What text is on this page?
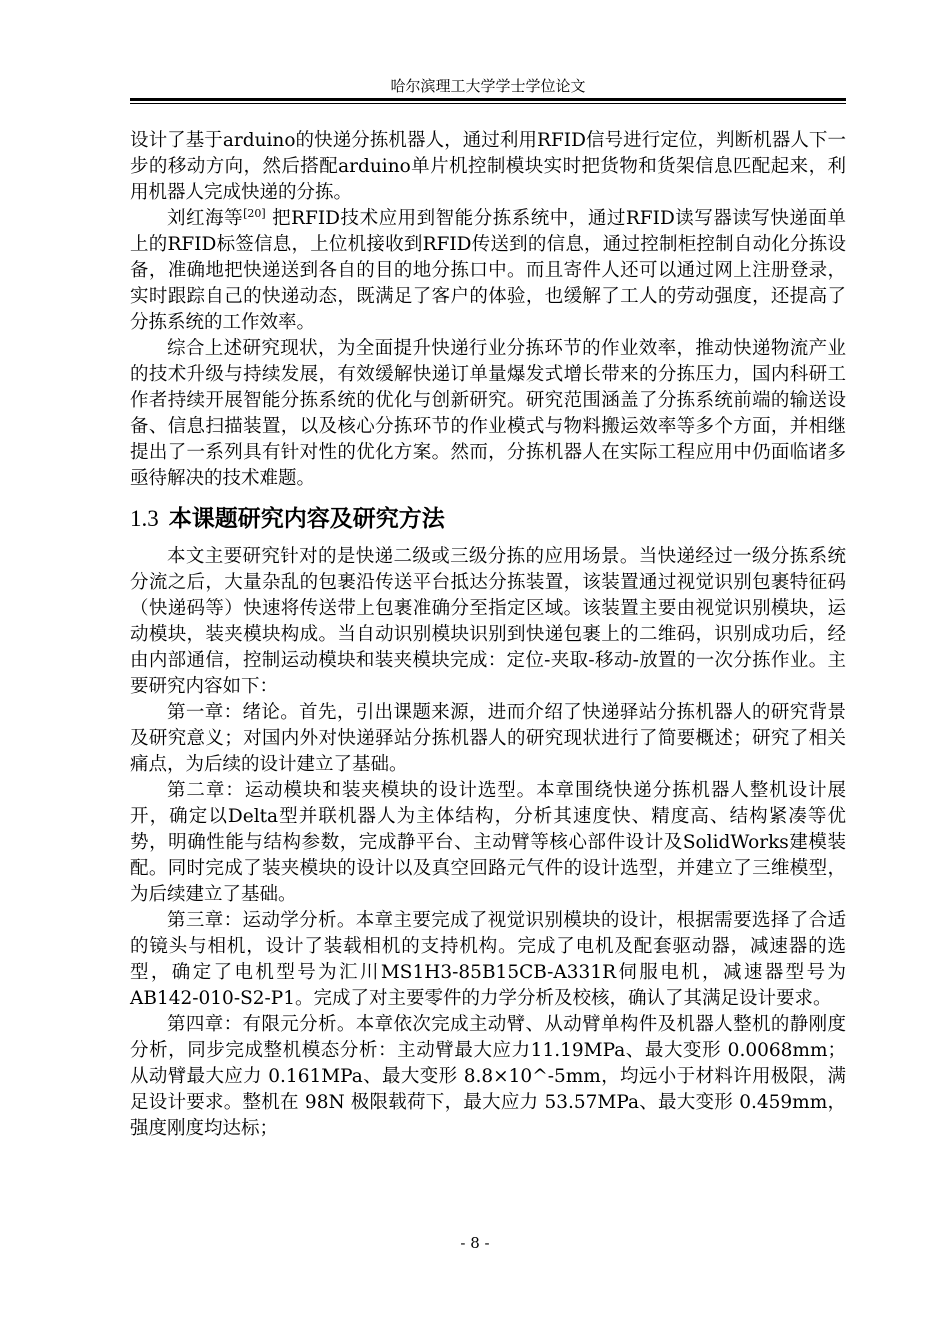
哈尔滨理工大学学士学位论文

设计了基于arduino的快递分拣机器人，通过利用RFID信号进行定位，判断机器人下一步的移动方向，然后搭配arduino单片机控制模块实时把货物和货架信息匹配起来，利用机器人完成快递的分拣。

刘红海等[20] 把RFID技术应用到智能分拣系统中，通过RFID读写器读写快递面单上的RFID标签信息，上位机接收到RFID传送到的信息，通过控制柜控制自动化分拣设备，准确地把快递送到各自的目的地分拣口中。而且寄件人还可以通过网上注册登录，实时跟踪自己的快递动态，既满足了客户的体验，也缓解了工人的劳动强度，还提高了分拣系统的工作效率。

综合上述研究现状，为全面提升快递行业分拣环节的作业效率，推动快递物流产业的技术升级与持续发展，有效缓解快递订单量爆发式增长带来的分拣压力，国内科研工作者持续开展智能分拣系统的优化与创新研究。研究范围涵盖了分拣系统前端的输送设备、信息扫描装置，以及核心分拣环节的作业模式与物料搬运效率等多个方面，并相继提出了一系列具有针对性的优化方案。然而，分拣机器人在实际工程应用中仍面临诸多亟待解决的技术难题。

1.3 本课题研究内容及研究方法

本文主要研究针对的是快递二级或三级分拣的应用场景。当快递经过一级分拣系统分流之后，大量杂乱的包裹沿传送平台抵达分拣装置，该装置通过视觉识别包裹特征码（快递码等）快速将传送带上包裹准确分至指定区域。该装置主要由视觉识别模块，运动模块，装夹模块构成。当自动识别模块识别到快递包裹上的二维码，识别成功后，经由内部通信，控制运动模块和装夹模块完成：定位-夹取-移动-放置的一次分拣作业。主要研究内容如下：

第一章：绪论。首先，引出课题来源，进而介绍了快递驿站分拣机器人的研究背景及研究意义；对国内外对快递驿站分拣机器人的研究现状进行了简要概述；研究了相关痛点，为后续的设计建立了基础。

第二章：运动模块和装夹模块的设计选型。本章围绕快递分拣机器人整机设计展开，确定以Delta型并联机器人为主体结构，分析其速度快、精度高、结构紧凑等优势，明确性能与结构参数，完成静平台、主动臂等核心部件设计及SolidWorks建模装配。同时完成了装夹模块的设计以及真空回路元气件的设计选型，并建立了三维模型，为后续建立了基础。

第三章：运动学分析。本章主要完成了视觉识别模块的设计，根据需要选择了合适的镜头与相机，设计了装载相机的支持机构。完成了电机及配套驱动器，减速器的选型，确定了电机型号为汇川MS1H3-85B15CB-A331R伺服电机，减速器型号为AB142-010-S2-P1。完成了对主要零件的力学分析及校核，确认了其满足设计要求。

第四章：有限元分析。本章依次完成主动臂、从动臂单构件及机器人整机的静刚度分析，同步完成整机模态分析：主动臂最大应力11.19MPa、最大变形 0.0068mm；从动臂最大应力 0.161MPa、最大变形 8.8×10^-5mm，均远小于材料许用极限，满足设计要求。整机在 98N 极限载荷下，最大应力 53.57MPa、最大变形 0.459mm，强度刚度均达标；

- 8 -
